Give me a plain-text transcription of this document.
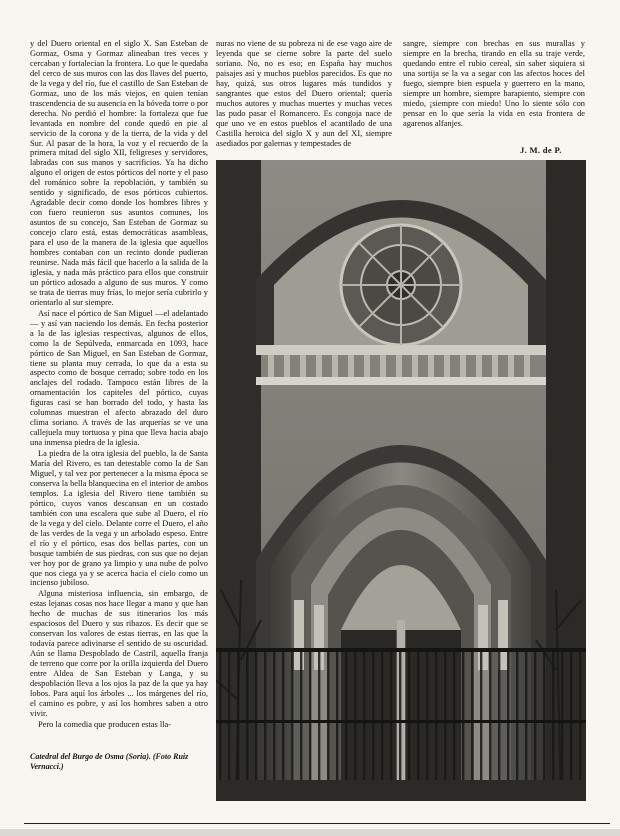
y del Duero oriental en el siglo X. San Esteban de Gormaz, Osma y Gormaz alineaban tres veces y cercaban y fortalecian la frontera. Lo que le quedaba del cerco de sus muros con las dos llaves del puerto, de la vega y del río, fue el castillo de San Esteban de Gormaz, uno de los más viejos, en quien tenían trascendencia de su ausencia en la bóveda torre o por derecha. No perdió el hombre: la fortaleza que fue levantada en nombre del conde quedó en pie al servicio de la corona y de la tierra, de la vida y del Sur. Al pasar de la hora, la voz y el recuerdo de la primera mitad del siglo XII, feligreses y servidores, labradas con sus manos y sacrificios. Ya ha dicho alguno el origen de estos pórticos del norte y el paso del románico sobre la repoblación, y también su sentido y significado, de esos pórticos cubiertos. Agradable decir como donde los hombres libres y con fuero reunieron sus asuntos comunes, los asuntos de su concejo, San Esteban de Gormaz su concejo claro está, estas democráticas asambleas, para el uso de la manera de la iglesia que aquellos hombres contaban con un recinto donde pudieran reunirse. Nada más fácil que hacerlo a la salida de la iglesia, y nada más práctico para ellos que construir un pórtico adosado a alguno de sus muros. Y como se trata de tierras muy frías, lo mejor sería cubrirlo y orientarlo al sur siempre.

Así nace el pórtico de San Miguel —el adelantado— y así van naciendo los demás. En fecha posterior a la de las iglesias respectivas, algunos de ellos, como la de Sepúlveda, enmarcada en 1093, hace pórtico de San Miguel, en San Esteban de Gormaz, tiene su planta muy cerrada, lo que da a esta su aspecto como de bosque cerrado; sobre todo en los anclajes del rodado. Tampoco están libres de la ornamentación los capiteles del pórtico, cuyas figuras casi se han borrado del todo, y hasta las columnas muestran el afecto abrazado del duro clima soriano. A través de las arquerías se ve una callejuela muy tortuosa y pina que lleva hacia abajo una inmensa piedra de la iglesia.

La piedra de la otra iglesia del pueblo, la de Santa María del Rivero, es tan detestable como la de San Miguel, y tal vez por pertenecer a la misma época se conserva la bella blanquecina en el interior de ambos templos. La iglesia del Rivero tiene también su pórtico, cuyos vanos descansan en un costado también con una escalera que sube al Duero, el río de la vega y del cielo. Delante corre el Duero, el año de las verdes de la vega y un arbolado espeso. Entre el río y el pórtico, esas dos bellas partes, con un bosque también de sus piedras, con sus que no dejan ver hoy por de grano ya limpio y una nube de polvo que nos ciega ya y se acerca hacia el cielo como un incienso jubiloso.

Alguna misteriosa influencia, sin embargo, de estas lejanas cosas nos hace llegar a mano y que han hecho de muchas de sus itinerarios los más espaciosos del Duero y sus ribazos. Es decir que se conservan los valores de estas tierras, en las que la todavía parece adivinarse el sentido de su oscuridad. Aún se llama Despoblado de Castril, aquella franja de terreno que corre por la orilla izquierda del Duero entre Aldea de San Esteban y Langa, y su despoblación lleva a los ojos la paz de la que ya hay lobos. Para aquí los árboles ... los márgenes del río, el camino es pobre, y así los hombres saben a otro vivir.

Pero la comedia que producen estas lla-

nuras no viene de su pobreza ni de ese vago aire de leyenda que se cierne sobre la parte del suelo soriano. No, no es eso; en España hay muchos paisajes así y muchos pueblos parecidos. Es que no hay, quizá, sus otros lugares más tundidos y sangrantes que estos del Duero oriental; quería muchos autores y muchas muertes y muchas veces las pudo pasar el Romancero. Es congoja nace de que uno ve en estos pueblos el acantilado de una Castilla heroica del siglo X y aun del XI, siempre asediados por galernas y tempestades de

sangre, siempre con brechas en sus murallas y siempre en la brecha, tirando en ella su traje verde, quedando entre el rubio cereal, sin saber siquiera si una sortija se la va a segar con las afectos hoces del fuego, siempre bien espuela y guerrero en la mano, siempre un hombre, siempre harapiento, siempre con miedo, ¡siempre con miedo! Uno lo siente sólo con pensar en lo que sería la vida en esta frontera de agarenos alfanjes.

J. M. de P.
Catedral del Burgo de Osma (Soria). (Foto Ruiz Vernacci.)
